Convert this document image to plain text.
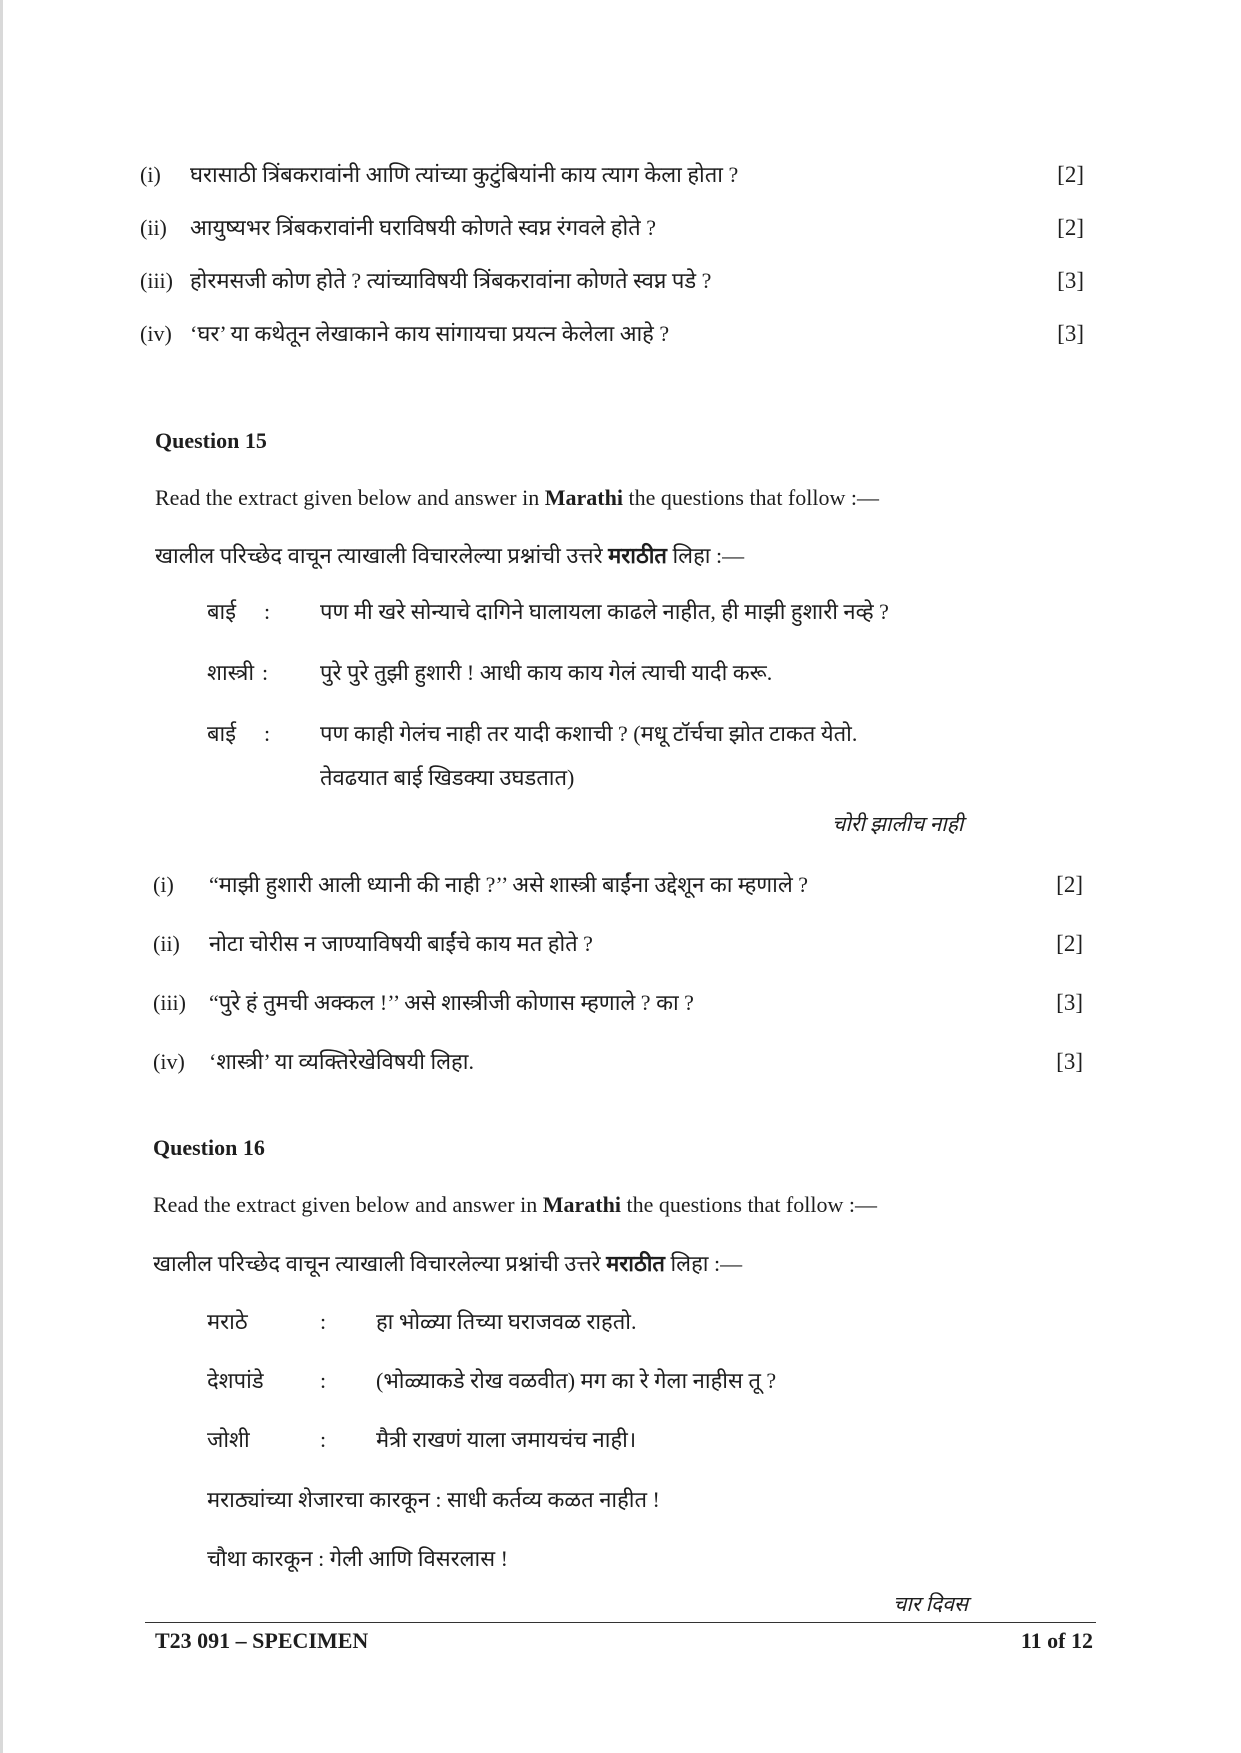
(i) घरासाठी त्रिंबकरावांनी आणि त्यांच्या कुटुंबियांनी काय त्याग केला होता ?	[2]
(ii) आयुष्यभर त्रिंबकरावांनी घराविषयी कोणते स्वप्न रंगवले होते ?	[2]
(iii) होरमसजी कोण होते ? त्यांच्याविषयी त्रिंबकरावांना कोणते स्वप्न पडे ?	[3]
(iv) ‘घर’ या कथेतून लेखाकाने काय सांगायचा प्रयत्न केलेला आहे ?	[3]
Question 15
Read the extract given below and answer in Marathi the questions that follow :—
खालील परिच्छेद वाचून त्याखाली विचारलेल्या प्रश्नांची उत्तरे मराठीत लिहा :—
बाई : पण मी खरे सोन्याचे दागिने घालायला काढले नाहीत, ही माझी हुशारी नव्हे ?
शास्त्री : पुरे पुरे तुझी हुशारी ! आधी काय काय गेलं त्याची यादी करू.
बाई : पण काही गेलंच नाही तर यादी कशाची ? (मधू टॉर्चचा झोत टाकत येतो.
तेवढयात बाई खिडक्या उघडतात)
चोरी झालीच नाही
(i) “माझी हुशारी आली ध्यानी की नाही ?’’ असे शास्त्री बाईंना उद्देशून का म्हणाले ?	[2]
(ii) नोटा चोरीस न जाण्याविषयी बाईंचे काय मत होते ?	[2]
(iii) “पुरे हं तुमची अक्कल !’’ असे शास्त्रीजी कोणास म्हणाले ? का ?	[3]
(iv) ‘शास्त्री’ या व्यक्तिरेखेविषयी लिहा.	[3]
Question 16
Read the extract given below and answer in Marathi the questions that follow :—
खालील परिच्छेद वाचून त्याखाली विचारलेल्या प्रश्नांची उत्तरे मराठीत लिहा :—
मराठे	: हा भोळ्या तिच्या घराजवळ राहतो.
देशपांडे	: (भोळ्याकडे रोख वळवीत) मग का रे गेला नाहीस तू ?
जोशी	: मैत्री राखणं याला जमायचंच नाही।
मराठ्यांच्या शेजारचा कारकून : साधी कर्तव्य कळत नाहीत !
चौथा कारकून : गेली आणि विसरलास !
चार दिवस
T23 091 – SPECIMEN	11 of 12
